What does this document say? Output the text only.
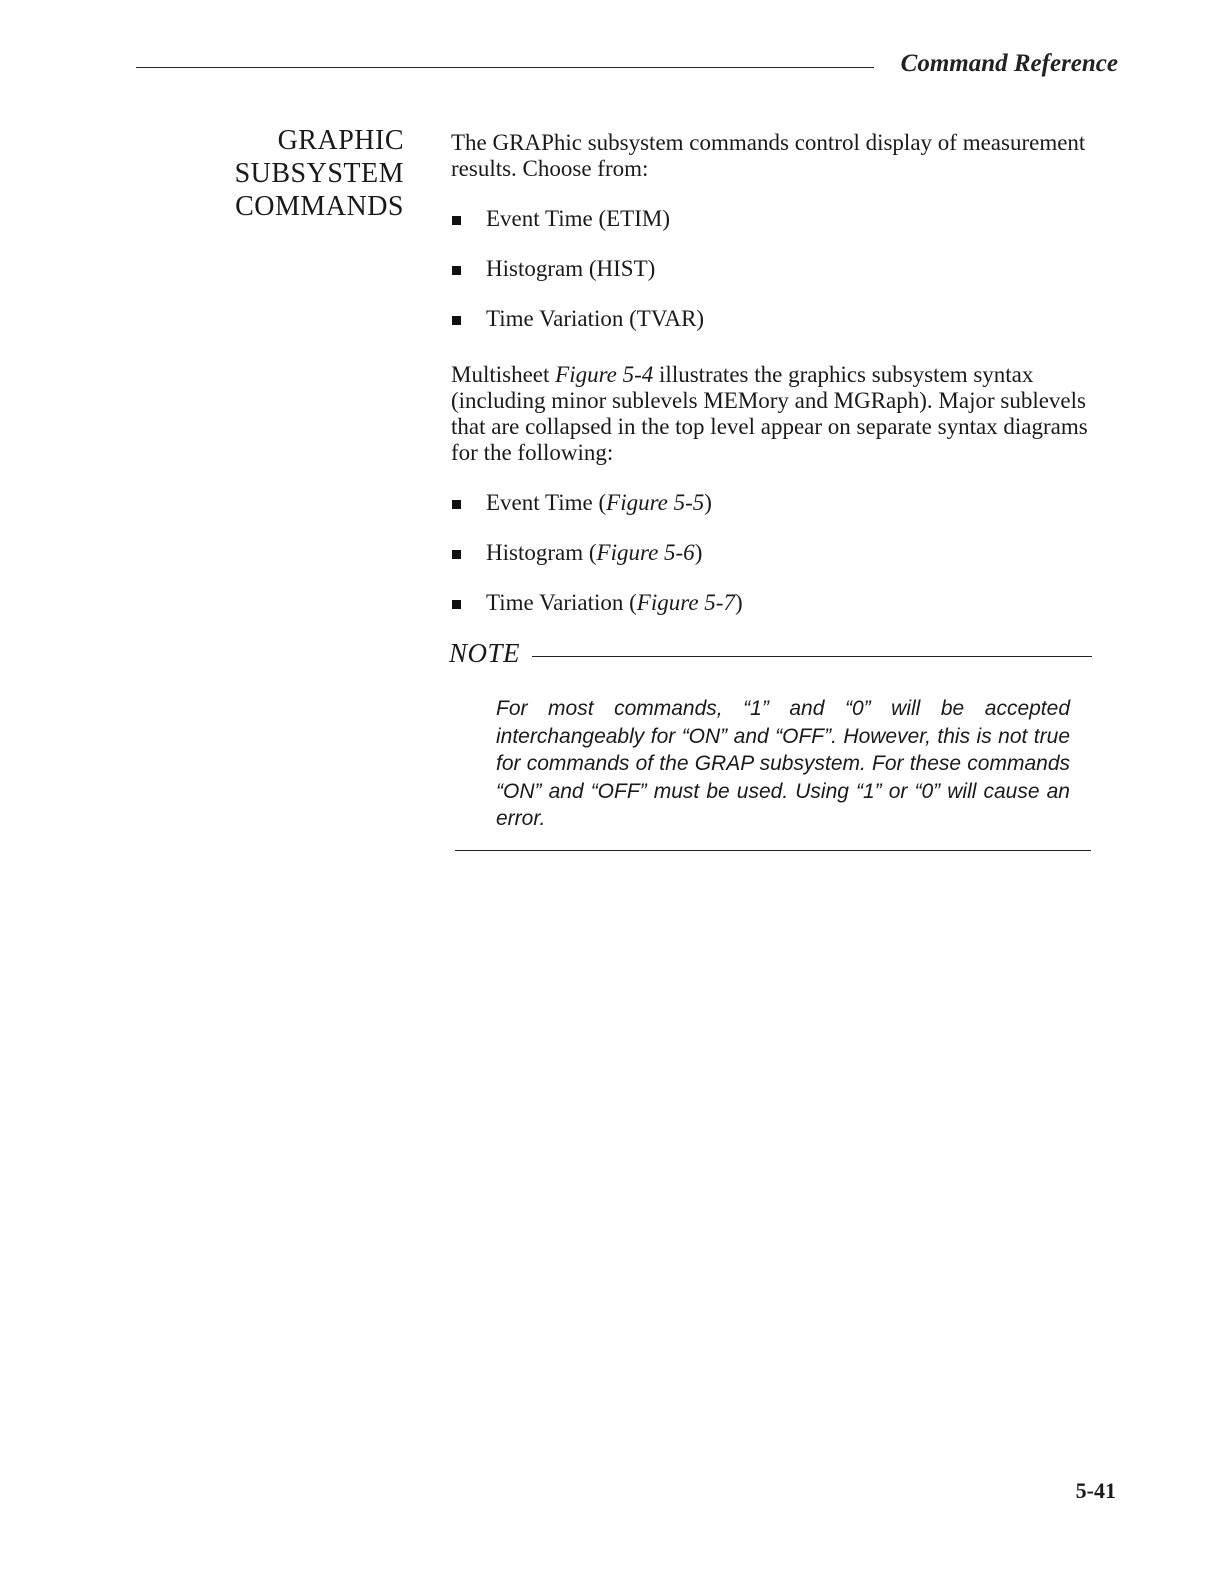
Command Reference
GRAPHIC
SUBSYSTEM
COMMANDS

The GRAPhic subsystem commands control display of measurement results. Choose from:

Event Time (ETIM)
Histogram (HIST)
Time Variation (TVAR)

Multisheet Figure 5-4 illustrates the graphics subsystem syntax (including minor sublevels MEMory and MGRaph). Major sublevels that are collapsed in the top level appear on separate syntax diagrams for the following:

Event Time (Figure 5-5)
Histogram (Figure 5-6)
Time Variation (Figure 5-7)
NOTE
For most commands, “1” and “0” will be accepted interchangeably for “ON” and “OFF”. However, this is not true for commands of the GRAP subsystem. For these commands “ON” and “OFF” must be used. Using “1” or “0” will cause an error.
5-41
